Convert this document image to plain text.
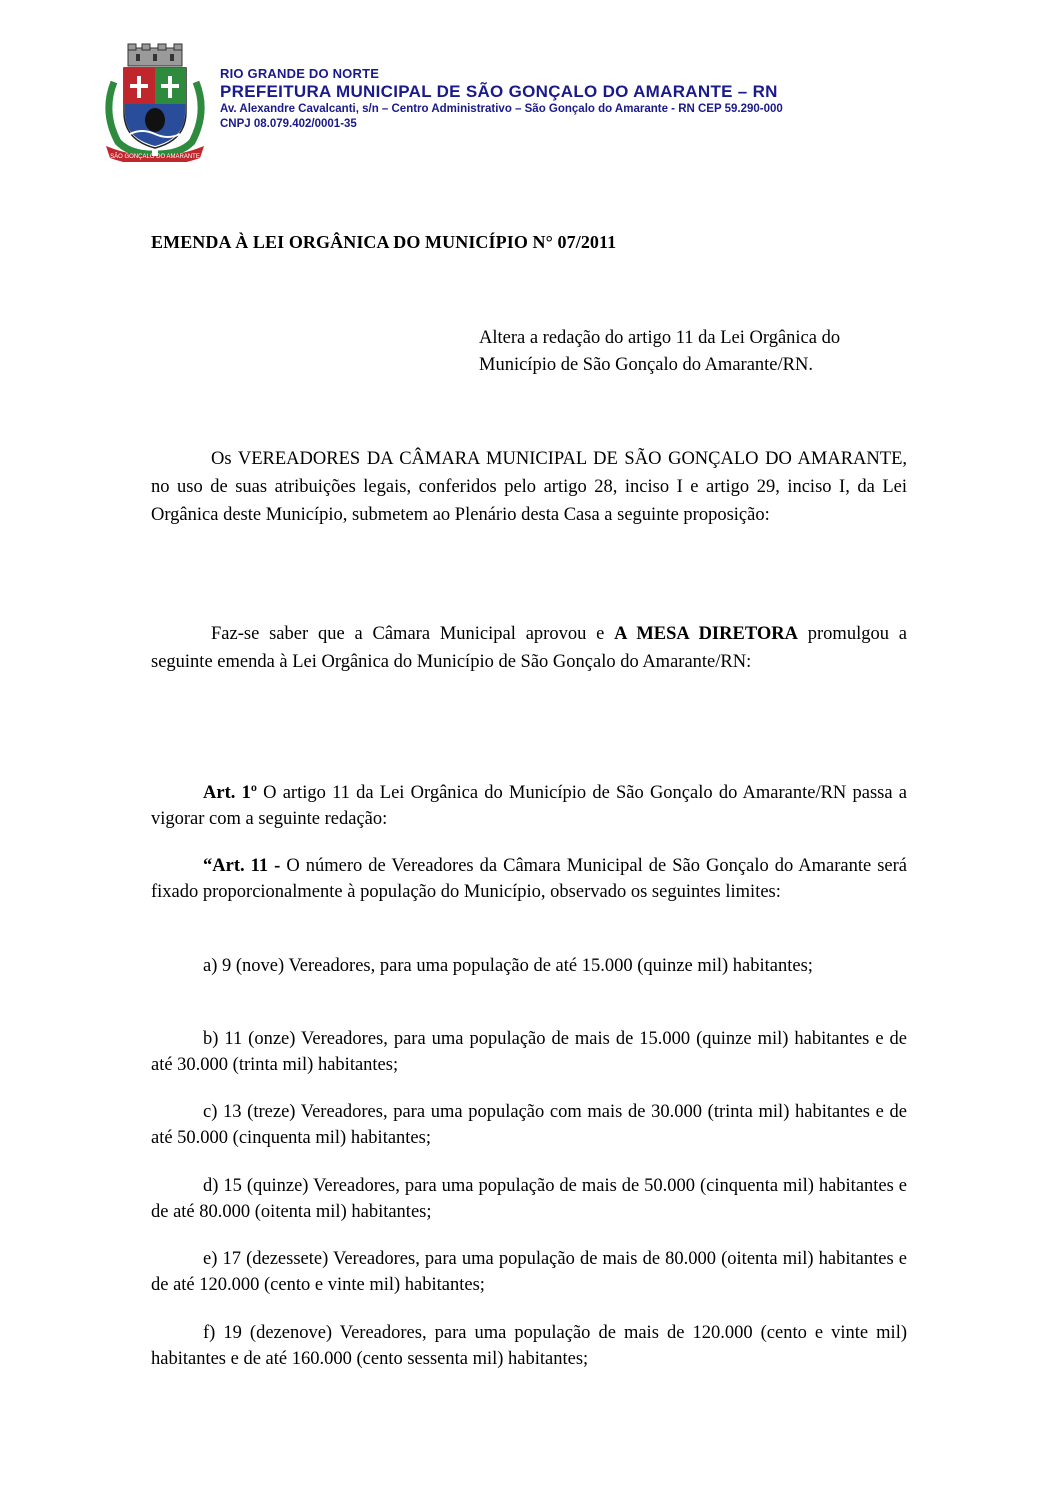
SÃO GONÇALO DO AMARANTE
RIO GRANDE DO NORTE
PREFEITURA MUNICIPAL DE SÃO GONÇALO DO AMARANTE – RN
Av. Alexandre Cavalcanti, s/n – Centro Administrativo – São Gonçalo do Amarante - RN CEP 59.290-000
CNPJ 08.079.402/0001-35
EMENDA À LEI ORGÂNICA DO MUNICÍPIO N° 07/2011
Altera a redação do artigo 11 da Lei Orgânica do Município de São Gonçalo do Amarante/RN.
Os VEREADORES DA CÂMARA MUNICIPAL DE SÃO GONÇALO DO AMARANTE, no uso de suas atribuições legais, conferidos pelo artigo 28, inciso I e artigo 29, inciso I, da Lei Orgânica deste Município, submetem ao Plenário desta Casa a seguinte proposição:
Faz-se saber que a Câmara Municipal aprovou e A MESA DIRETORA promulgou a seguinte emenda à Lei Orgânica do Município de São Gonçalo do Amarante/RN:
Art. 1º O artigo 11 da Lei Orgânica do Município de São Gonçalo do Amarante/RN passa a vigorar com a seguinte redação:
“Art. 11 - O número de Vereadores da Câmara Municipal de São Gonçalo do Amarante será fixado proporcionalmente à população do Município, observado os seguintes limites:
a) 9 (nove) Vereadores, para uma população de até 15.000 (quinze mil) habitantes;
b) 11 (onze) Vereadores, para uma população de mais de 15.000 (quinze mil) habitantes e de até 30.000 (trinta mil) habitantes;
c) 13 (treze) Vereadores, para uma população com mais de 30.000 (trinta mil) habitantes e de até 50.000 (cinquenta mil) habitantes;
d) 15 (quinze) Vereadores, para uma população de mais de 50.000 (cinquenta mil) habitantes e de até 80.000 (oitenta mil) habitantes;
e) 17 (dezessete) Vereadores, para uma população de mais de 80.000 (oitenta mil) habitantes e de até 120.000 (cento e vinte mil) habitantes;
f) 19 (dezenove) Vereadores, para uma população de mais de 120.000 (cento e vinte mil) habitantes e de até 160.000 (cento sessenta mil) habitantes;
